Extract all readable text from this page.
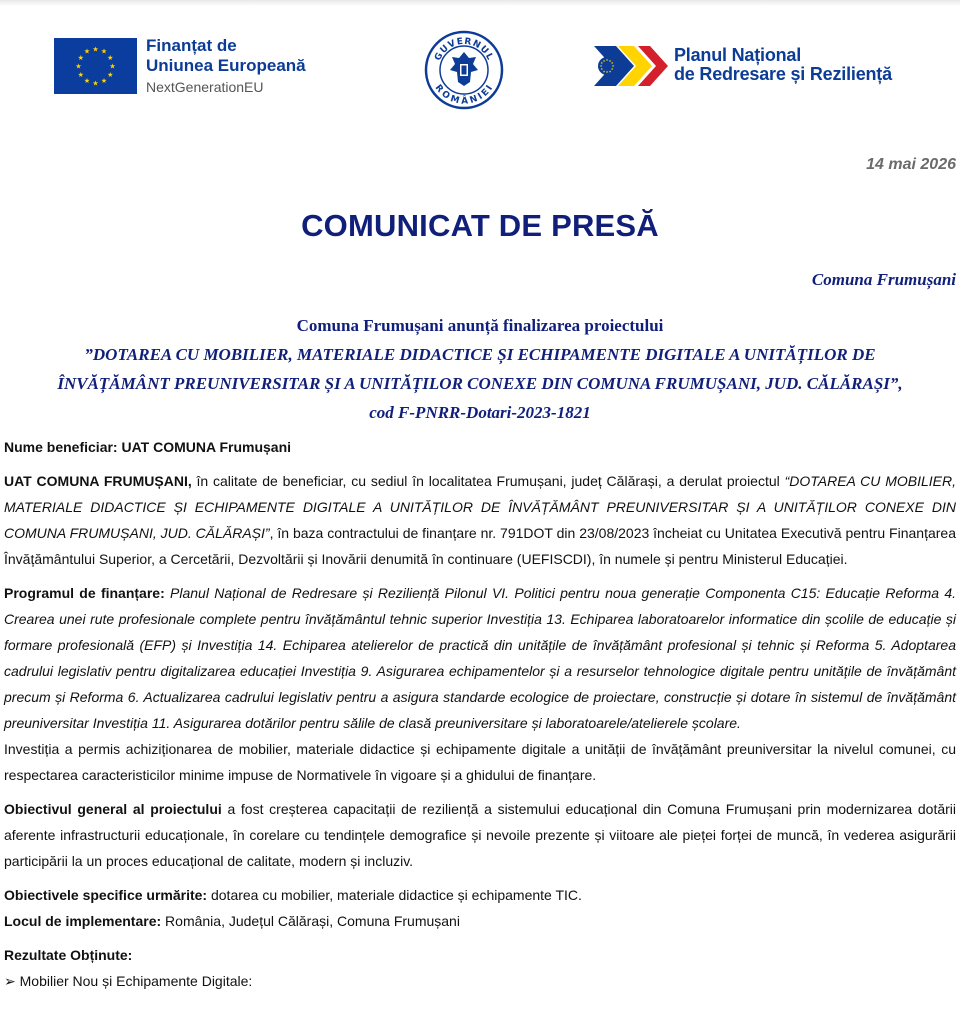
★ ★
★
★
★
★
★
★
★
★
★
★	Finanțat de
Uniunea Europeană
NextGenerationEU
GUVERNUL
ROMÂNIEI
★ ★
★
★
★
★
★
★
★
★
★
★	Planul Național
de Redresare și Reziliență
14 mai 2026
COMUNICAT DE PRESĂ
Comuna Frumușani
Comuna Frumușani anunță finalizarea proiectului
”DOTAREA CU MOBILIER, MATERIALE DIDACTICE ȘI ECHIPAMENTE DIGITALE A UNITĂȚILOR DE
ÎNVĂȚĂMÂNT PREUNIVERSITAR ȘI A UNITĂȚILOR CONEXE DIN COMUNA FRUMUȘANI, JUD. CĂLĂRAȘI”,
cod F-PNRR-Dotari-2023-1821

Nume beneficiar: UAT COMUNA Frumușani

UAT COMUNA FRUMUȘANI, în calitate de beneficiar, cu sediul în localitatea Frumușani, județ Călărași, a derulat proiectul “DOTAREA CU MOBILIER, MATERIALE DIDACTICE ȘI ECHIPAMENTE DIGITALE A UNITĂȚILOR DE ÎNVĂȚĂMÂNT PREUNIVERSITAR ȘI A UNITĂȚILOR CONEXE DIN COMUNA FRUMUȘANI, JUD. CĂLĂRAȘI”, în baza contractului de finanțare nr. 791DOT din 23/08/2023 încheiat cu Unitatea Executivă pentru Finanțarea Învățământului Superior, a Cercetării, Dezvoltării și Inovării denumită în continuare (UEFISCDI), în numele și pentru Ministerul Educației.

Programul de finanțare: Planul Național de Redresare și Reziliență Pilonul VI. Politici pentru noua generație Componenta C15: Educație Reforma 4. Crearea unei rute profesionale complete pentru învățământul tehnic superior Investiția 13. Echiparea laboratoarelor informatice din școlile de educație și formare profesională (EFP) și Investiția 14. Echiparea atelierelor de practică din unitățile de învățământ profesional și tehnic și Reforma 5. Adoptarea cadrului legislativ pentru digitalizarea educației Investiția 9. Asigurarea echipamentelor și a resurselor tehnologice digitale pentru unitățile de învățământ precum și Reforma 6. Actualizarea cadrului legislativ pentru a asigura standarde ecologice de proiectare, construcție și dotare în sistemul de învățământ preuniversitar Investiția 11. Asigurarea dotărilor pentru sălile de clasă preuniversitare și laboratoarele/atelierele școlare.

Investiția a permis achiziționarea de mobilier, materiale didactice și echipamente digitale a unității de învățământ preuniversitar la nivelul comunei, cu respectarea caracteristicilor minime impuse de Normativele în vigoare și a ghidului de finanțare.

Obiectivul general al proiectului a fost creșterea capacitații de reziliență a sistemului educațional din Comuna Frumușani prin modernizarea dotării aferente infrastructurii educaționale, în corelare cu tendințele demografice și nevoile prezente și viitoare ale pieței forței de muncă, în vederea asigurării participării la un proces educațional de calitate, modern și incluziv.

Obiectivele specifice urmărite: dotarea cu mobilier, materiale didactice și echipamente TIC.

Locul de implementare: România, Județul Călărași, Comuna Frumușani

Rezultate Obținute:

➢ Mobilier Nou și Echipamente Digitale:
